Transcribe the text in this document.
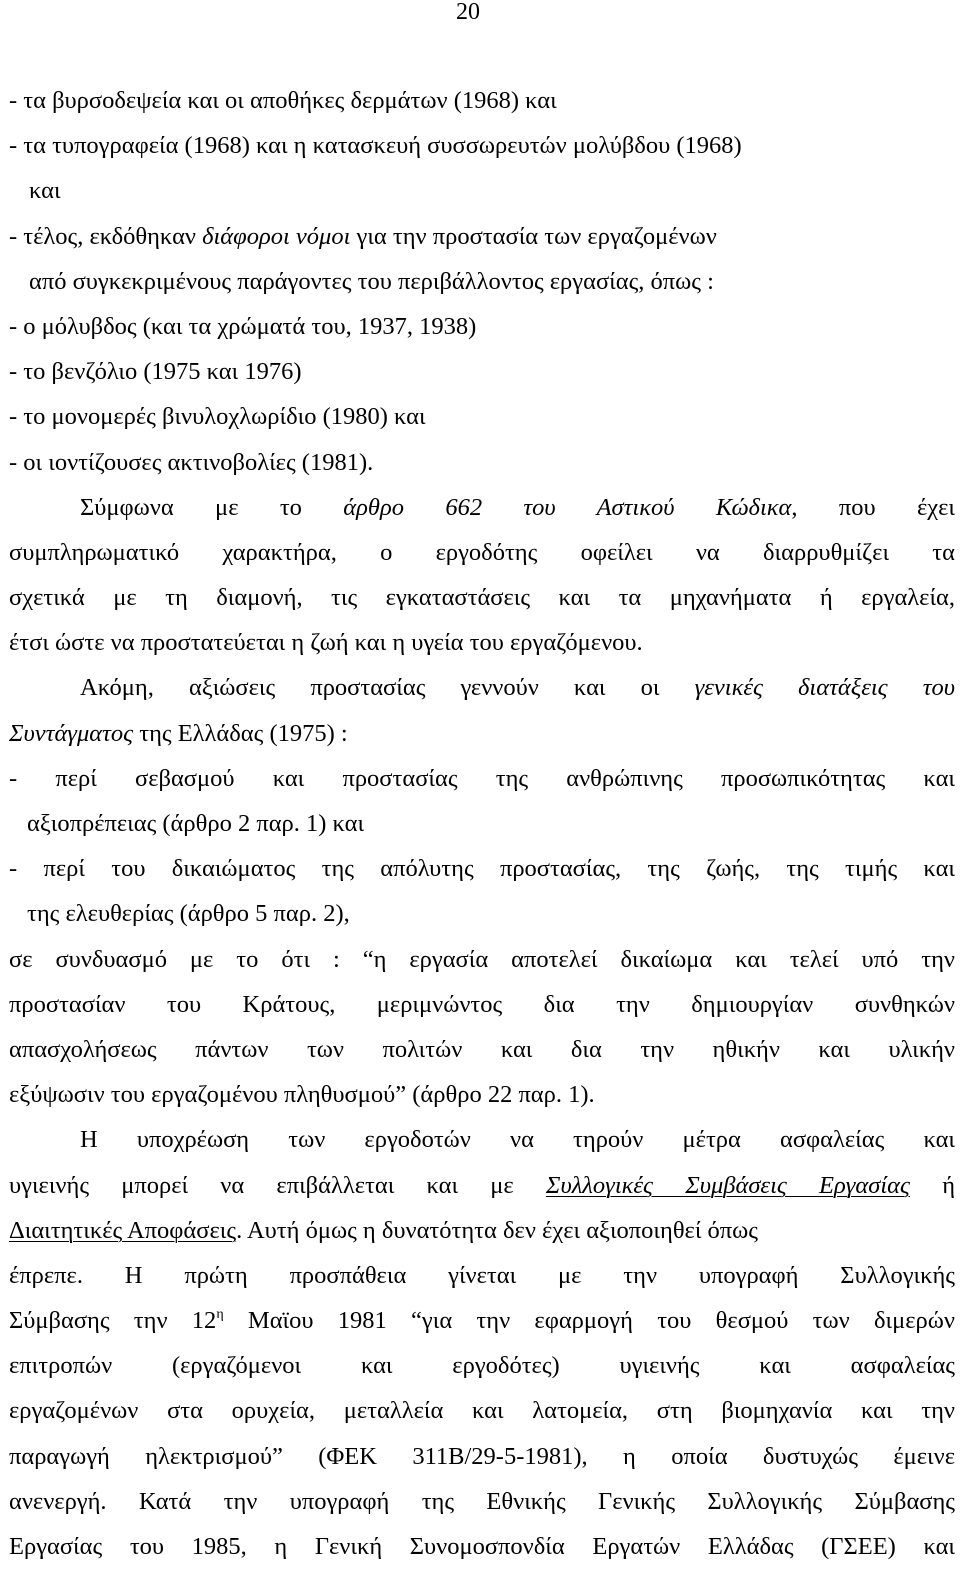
20
- τα βυρσοδεψεία και οι αποθήκες δερμάτων (1968) και
- τα τυπογραφεία (1968) και η κατασκευή συσσωρευτών μολύβδου (1968)
και
- τέλος, εκδόθηκαν διάφοροι νόμοι για την προστασία των εργαζομένων
από συγκεκριμένους παράγοντες του περιβάλλοντος εργασίας, όπως :
- ο μόλυβδος (και τα χρώματά του, 1937, 1938)
- το βενζόλιο (1975 και 1976)
- το μονομερές βινυλοχλωρίδιο (1980) και
- οι ιοντίζουσες ακτινοβολίες (1981).
Σύμφωνα με το άρθρο 662 του Αστικού Κώδικα, που έχει
συμπληρωματικό χαρακτήρα, ο εργοδότης οφείλει να διαρρυθμίζει τα
σχετικά με τη διαμονή, τις εγκαταστάσεις και τα μηχανήματα ή εργαλεία,
έτσι ώστε να προστατεύεται η ζωή και η υγεία του εργαζόμενου.
Ακόμη, αξιώσεις προστασίας γεννούν και οι γενικές διατάξεις του
Συντάγματος της Ελλάδας (1975) :
- περί σεβασμού και προστασίας της ανθρώπινης προσωπικότητας και
αξιοπρέπειας (άρθρο 2 παρ. 1) και
- περί του δικαιώματος της απόλυτης προστασίας, της ζωής, της τιμής και
της ελευθερίας (άρθρο 5 παρ. 2),
σε συνδυασμό με το ότι : “η εργασία αποτελεί δικαίωμα και τελεί υπό την
προστασίαν του Κράτους, μεριμνώντος δια την δημιουργίαν συνθηκών
απασχολήσεως πάντων των πολιτών και δια την ηθικήν και υλικήν
εξύψωσιν του εργαζομένου πληθυσμού” (άρθρο 22 παρ. 1).
Η υποχρέωση των εργοδοτών να τηρούν μέτρα ασφαλείας και
υγιεινής μπορεί να επιβάλλεται και με Συλλογικές Συμβάσεις Εργασίας ή
Διαιτητικές Αποφάσεις. Αυτή όμως η δυνατότητα δεν έχει αξιοποιηθεί όπως
έπρεπε. Η πρώτη προσπάθεια γίνεται με την υπογραφή Συλλογικής
Σύμβασης την $12^\eta$ Μαϊου 1981 “για την εφαρμογή του θεσμού των διμερών
επιτροπών (εργαζόμενοι και εργοδότες) υγιεινής και ασφαλείας
εργαζομένων στα ορυχεία, μεταλλεία και λατομεία, στη βιομηχανία και την
παραγωγή ηλεκτρισμού” (ΦΕΚ 311Β/29-5-1981), η οποία δυστυχώς έμεινε
ανενεργή. Κατά την υπογραφή της Εθνικής Γενικής Συλλογικής Σύμβασης
Εργασίας του 1985, η Γενική Συνομοσπονδία Εργατών Ελλάδας (ΓΣΕΕ) και
